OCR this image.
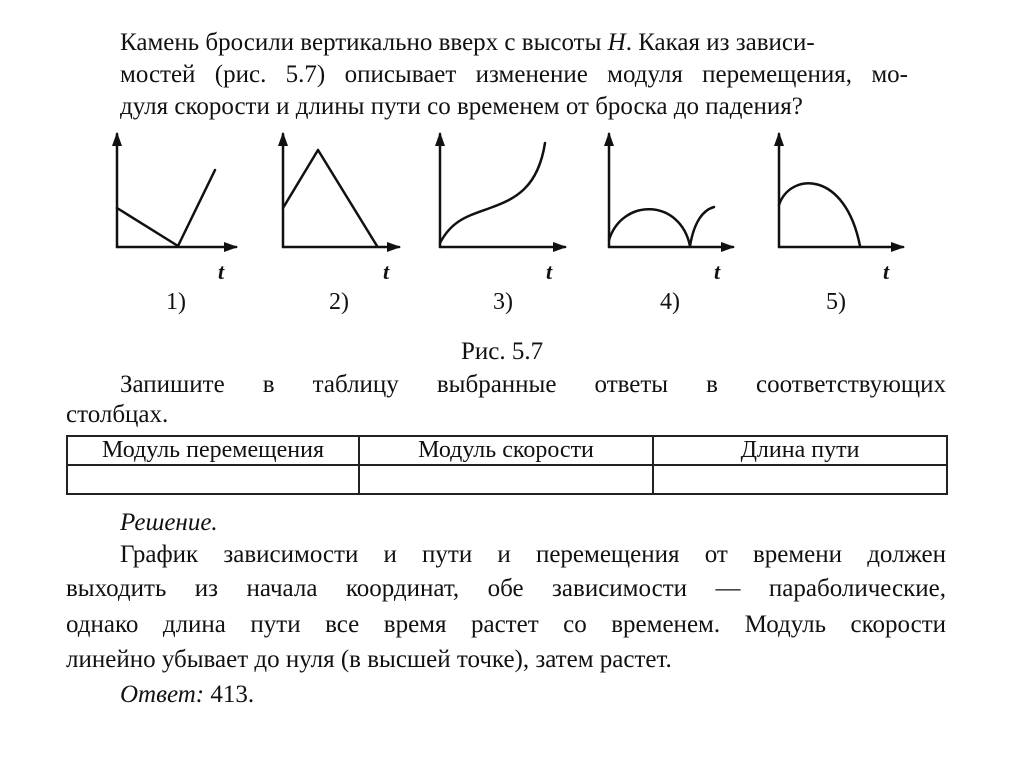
Камень бросили вертикально вверх с высоты H. Какая из зависи-
мостей (рис. 5.7) описывает изменение модуля перемещения, мо-
дуля скорости и длины пути со временем от броска до падения?
t	t	t	t	t
1)	2)	3)	4)	5)
Рис. 5.7
Запишите в таблицу выбранные ответы в соответствующих
столбцах.
Модуль перемещения	Модуль скорости	Длина пути

Решение.
График зависимости и пути и перемещения от времени должен
выходить из начала координат, обе зависимости — параболические,
однако длина пути все время растет со временем. Модуль скорости
линейно убывает до нуля (в высшей точке), затем растет.
Ответ: 413.
